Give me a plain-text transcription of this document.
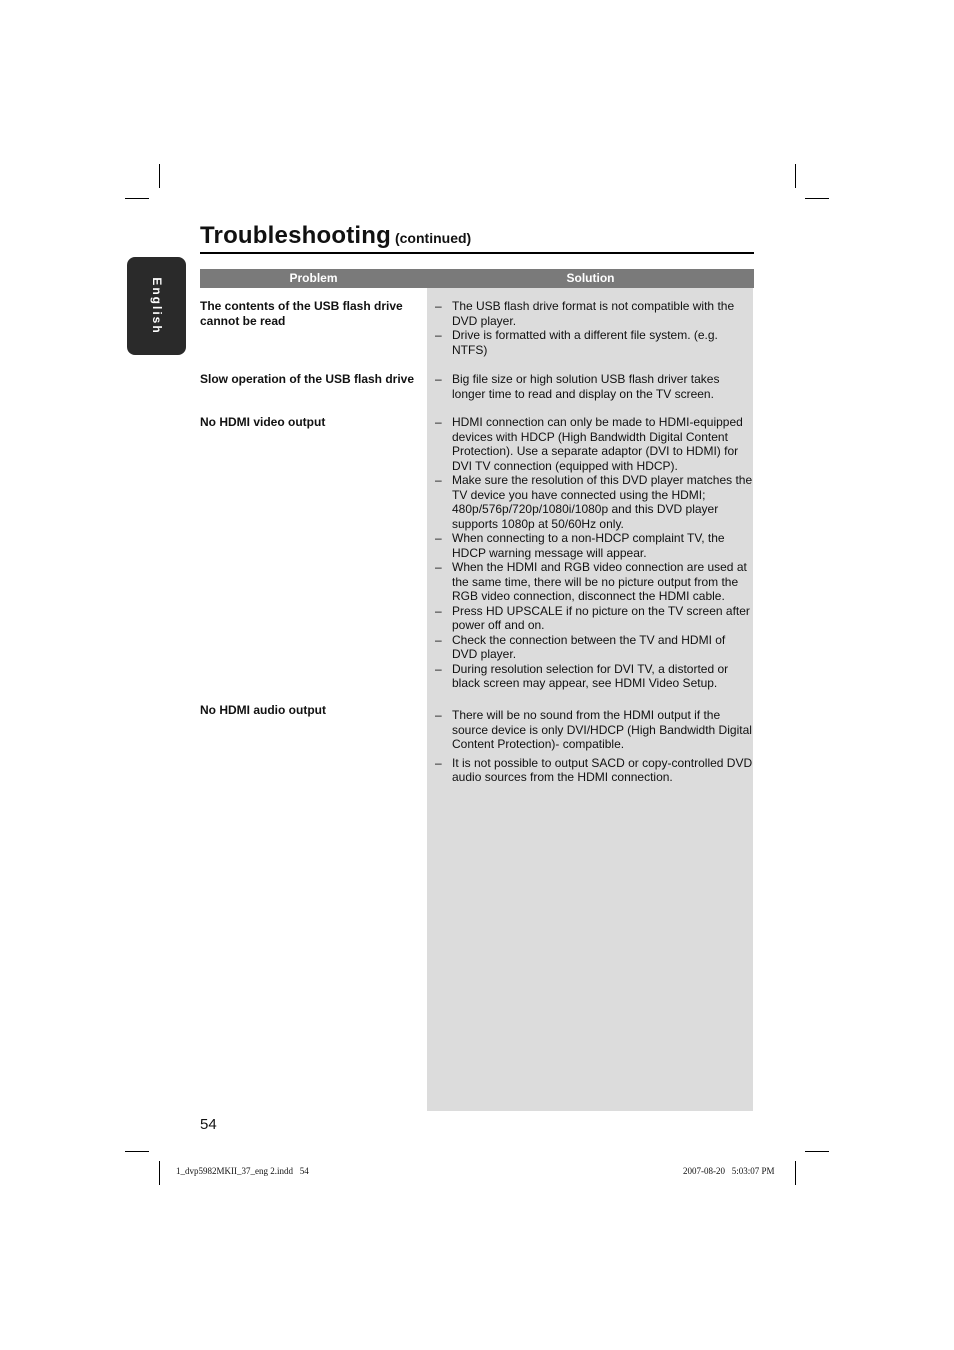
Troubleshooting (continued)
English	Problem	Solution
The contents of the USB flash drive cannot be read
– The USB flash drive format is not compatible with the DVD player.
– Drive is formatted with a different file system. (e.g. NTFS)
Slow operation of the USB flash drive	– Big file size or high solution USB flash driver takes longer time to read and display on the TV screen.
No HDMI video output	– HDMI connection can only be made to HDMI-equipped devices with HDCP (High Bandwidth Digital Content Protection). Use a separate adaptor (DVI to HDMI) for DVI TV connection (equipped with HDCP).
– Make sure the resolution of this DVD player matches the TV device you have connected using the HDMI; 480p/576p/720p/1080i/1080p and this DVD player supports 1080p at 50/60Hz only.
– When connecting to a non-HDCP complaint TV, the HDCP warning message will appear.
– When the HDMI and RGB video connection are used at the same time, there will be no picture output from the RGB video connection, disconnect the HDMI cable.
– Press HD UPSCALE if no picture on the TV screen after power off and on.
– Check the connection between the TV and HDMI of DVD player.
– During resolution selection for DVI TV, a distorted or black screen may appear, see HDMI Video Setup.
No HDMI audio output	– There will be no sound from the HDMI output if the source device is only DVI/HDCP (High Bandwidth Digital Content Protection)- compatible.
– It is not possible to output SACD or copy-controlled DVD audio sources from the HDMI connection.
54
1_dvp5982MKII_37_eng 2.indd   54	2007-08-20   5:03:07 PM
